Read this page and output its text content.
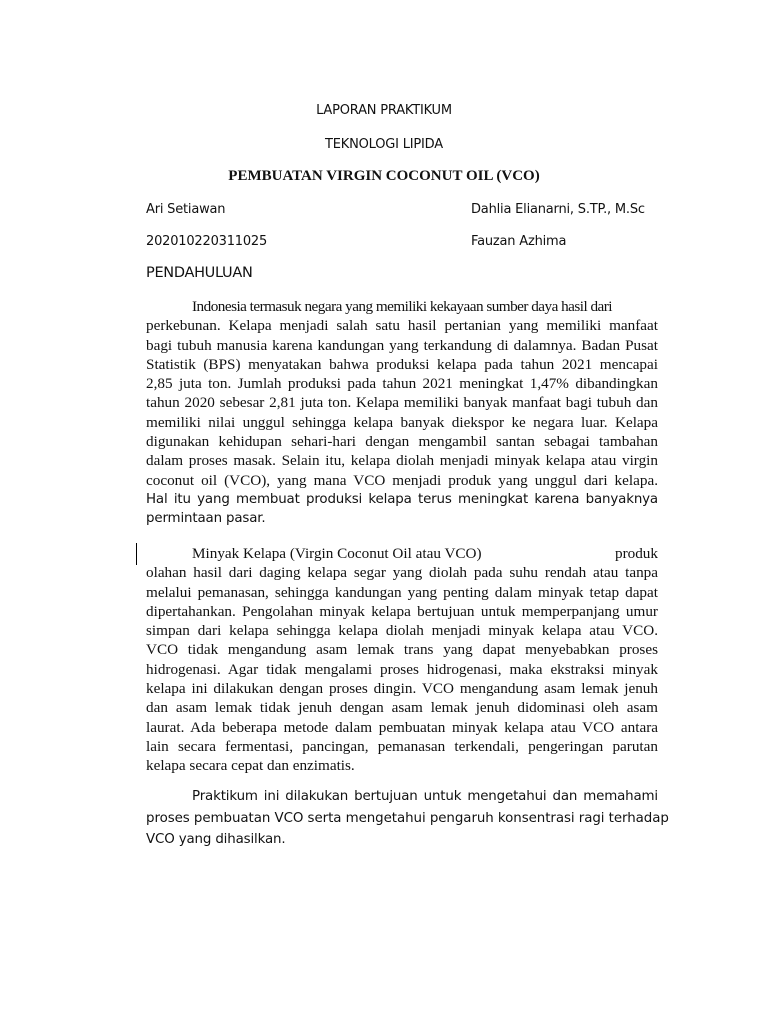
LAPORAN PRAKTIKUM

TEKNOLOGI LIPIDA

PEMBUATAN VIRGIN COCONUT OIL (VCO)

Ari Setiawan	Dahlia Elianarni, S.TP., M.Sc

202010220311025	Fauzan Azhima

PENDAHULUAN

Indonesia termasuk negara yang memiliki kekayaan sumber daya hasil dari
perkebunan. Kelapa menjadi salah satu hasil pertanian yang memiliki manfaat
bagi tubuh manusia karena kandungan yang terkandung di dalamnya. Badan Pusat
Statistik (BPS) menyatakan bahwa produksi kelapa pada tahun 2021 mencapai
2,85 juta ton. Jumlah produksi pada tahun 2021 meningkat 1,47% dibandingkan
tahun 2020 sebesar 2,81 juta ton. Kelapa memiliki banyak manfaat bagi tubuh dan
memiliki nilai unggul sehingga kelapa banyak diekspor ke negara luar. Kelapa
digunakan kehidupan sehari-hari dengan mengambil santan sebagai tambahan
dalam proses masak. Selain itu, kelapa diolah menjadi minyak kelapa atau virgin
coconut oil (VCO), yang mana VCO menjadi produk yang unggul dari kelapa.
Hal itu yang membuat produksi kelapa terus meningkat karena banyaknya
permintaan pasar.
Minyak Kelapa (Virgin Coconut Oil atau VCO)	produk
olahan hasil dari daging kelapa segar yang diolah pada suhu rendah atau tanpa
melalui pemanasan, sehingga kandungan yang penting dalam minyak tetap dapat
dipertahankan. Pengolahan minyak kelapa bertujuan untuk memperpanjang umur
simpan dari kelapa sehingga kelapa diolah menjadi minyak kelapa atau VCO.
VCO tidak mengandung asam lemak trans yang dapat menyebabkan proses
hidrogenasi. Agar tidak mengalami proses hidrogenasi, maka ekstraksi minyak
kelapa ini dilakukan dengan proses dingin. VCO mengandung asam lemak jenuh
dan asam lemak tidak jenuh dengan asam lemak jenuh didominasi oleh asam
laurat. Ada beberapa metode dalam pembuatan minyak kelapa atau VCO antara
lain secara fermentasi, pancingan, pemanasan terkendali, pengeringan parutan
kelapa secara cepat dan enzimatis.
Praktikum ini dilakukan bertujuan untuk mengetahui dan memahami
proses pembuatan VCO serta mengetahui pengaruh konsentrasi ragi terhadap
VCO yang dihasilkan.
